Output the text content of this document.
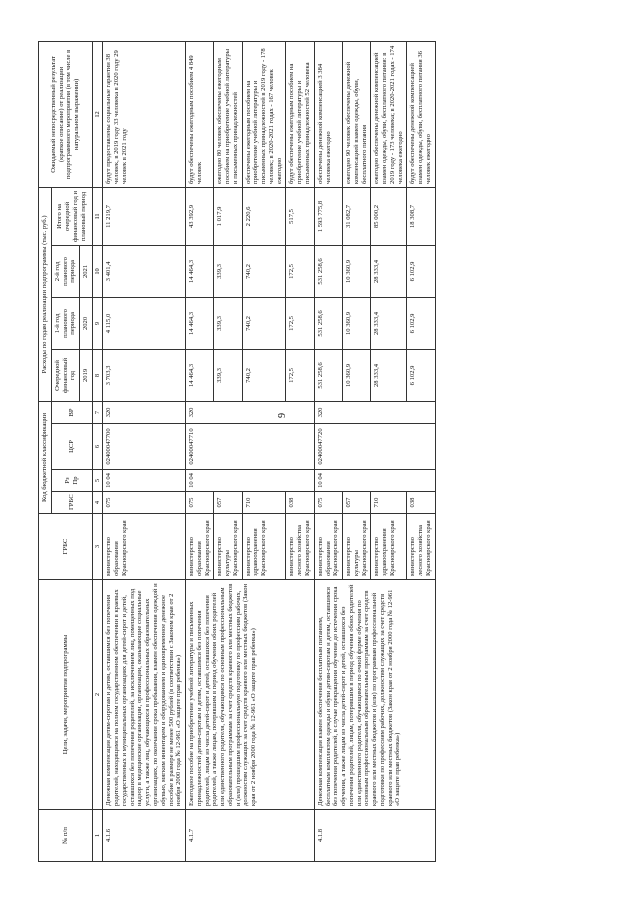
9
№ п/п	Цели, задачи, мероприятия подпрограммы	ГРБС	Код бюджетной классификации				Расходы по годам реализации подпрограммы (тыс. руб.)				Ожидаемый непосредственный результат (краткое описание) от реализации подпрограммного мероприятия (в том числе в натуральном выражении)
			ГРБС	Рз Пр	ЦСР	ВР	Очередной финансовый год	1-й год планового периода	2-й год планового периода	Итого на очередной финансовый год и плановый период	
							2019	2020	2021		
1	2	3	4	5	6	7	8	9	10	11	12
4.1.6	Денежная компенсация детям-сиротам и детям, оставшимся без попечения родителей, находящимся на полном государственном обеспечении в краевых государственных и муниципальных организациях для детей-сирот и детей, оставшихся без попечения родителей, за исключением лиц, помещенных под надзор в медицинские организации, организации, оказывающие социальные услуги, а также лиц, обучающихся в профессиональных образовательных организациях, по окончании срока пребывания, взамен обеспечения одеждой и обувью, мягким инвентарем и оборудованием и единовременное денежное пособие в размере не менее 500 рублей (в соответствии с Законом края от 2 ноября 2000 года № 12-961 «О защите прав ребенка»)	министерство образования Красноярского края	075	10 04	02400047700	320	3 703,3	4 115,0	3 401,4	11 219,7	будут предоставлены социальные гарантии 38 человек, в 2019 году 33 человека в 2020 году 29 человек в 2021 году
4.1.7	Ежегодное пособие на приобретение учебной литературы и письменных принадлежностей детям-сиротам и детям, оставшимся без попечения родителей, лицам из числа детей-сирот и детей, оставшихся без попечения родителей, а также лицам, потерявшим в период обучения обоих родителей или единственного родителя, обучающимся по основным профессиональным образовательным программам за счет средств краевого или местных бюджетов и (или) прошедшим профессиональную подготовку по профессиям рабочих, должностям служащих за счет средств краевого или местных бюджетов (Закон края от 2 ноября 2000 года № 12-961 «О защите прав ребенка»)	министерство образования Красноярского края	075	10 04	02400047710	320	14 464,3	14 464,3	14 464,3	43 392,9	будут обеспечены ежегодным пособием 4 849 человек
		министерство культуры Красноярского края	057				339,3	339,3	339,3	1 017,9	ежегодно 80 человек обеспечены ежегодным пособием на приобретение учебной литературы и письменных принадлежностей
		министерство здравоохранения Красноярского края	710				740,2	740,2	740,2	2 220,6	обеспечены ежегодным пособием на приобретение учебной литературы и письменных принадлежностей в 2019 году - 178 человек; в 2020-2021 годах - 167 человек ежегодно
		министерство лесного хозяйства Красноярского края	038				172,5	172,5	172,5	517,5	будут обеспечены ежегодным пособием на приобретение учебной литературы и письменных принадлежностей 52 человека
4.1.8	Денежная компенсация взамен обеспечения бесплатным питанием, бесплатным комплектом одежды и обуви детям-сиротам и детям, оставшимся без попечения родителей, в случае прекращения обучения до истечения срока обучения, а также лицам из числа детей-сирот и детей, оставшихся без попечения родителей, лицам, потерявшим в период обучения обоих родителей или единственного родителя, обучающимся по очной форме обучения по основным профессиональным образовательным программам за счет средств краевого или местных бюджетов и (или) по программам профессиональной подготовки по профессиям рабочих, должностям служащих за счет средств краевого или местных бюджетов (Закон края от 2 ноября 2000 года № 12-961 «О защите прав ребенка»)	министерство образования Красноярского края	075	10 04	02400047720	320	531 258,6	531 258,6	531 258,6	1 593 775,8	обеспечены денежной компенсацией 3 384 человека ежегодно
		министерство культуры Красноярского края	057				10 360,9	10 360,9	10 360,9	31 082,7	ежегодно 90 человек обеспечены денежной компенсацией взамен одежды, обуви, бесплатного питания
		министерство здравоохранения Красноярского края	710				28 333,4	28 333,4	28 333,4	85 000,2	ежегодно обеспечены денежной компенсацией взамен одежды, обуви, бесплатного питания: в 2019 году - 173 человека; в 2020-2021 годах - 174 человека ежегодно
		министерство лесного хозяйства Красноярского края	038				6 102,9	6 102,9	6 102,9	18 308,7	будут обеспечены денежной компенсацией взамен одежды, обуви, бесплатного питания 36 человек ежегодно
